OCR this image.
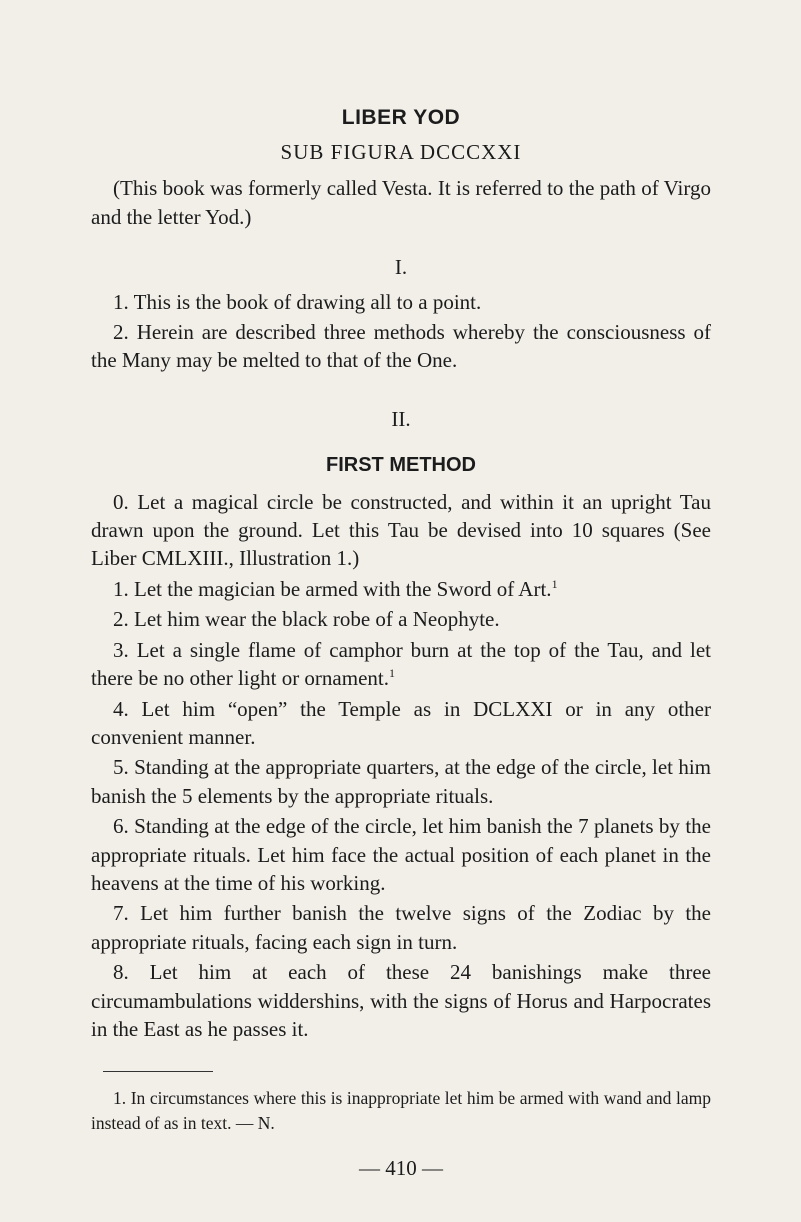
LIBER YOD

SUB FIGURA DCCCXXI

(This book was formerly called Vesta. It is referred to the path of Virgo and the letter Yod.)

I.

1. This is the book of drawing all to a point.

2. Herein are described three methods whereby the consciousness of the Many may be melted to that of the One.

II.

FIRST METHOD

0. Let a magical circle be constructed, and within it an upright Tau drawn upon the ground. Let this Tau be devised into 10 squares (See Liber CMLXIII., Illustration 1.)

1. Let the magician be armed with the Sword of Art.$^1$

2. Let him wear the black robe of a Neophyte.

3. Let a single flame of camphor burn at the top of the Tau, and let there be no other light or ornament.$^1$

4. Let him “open” the Temple as in DCLXXI or in any other convenient manner.

5. Standing at the appropriate quarters, at the edge of the circle, let him banish the 5 elements by the appropriate rituals.

6. Standing at the edge of the circle, let him banish the 7 planets by the appropriate rituals. Let him face the actual position of each planet in the heavens at the time of his working.

7. Let him further banish the twelve signs of the Zodiac by the appropriate rituals, facing each sign in turn.

8. Let him at each of these 24 banishings make three circumambulations widdershins, with the signs of Horus and Harpocrates in the East as he passes it.

1. In circumstances where this is inappropriate let him be armed with wand and lamp instead of as in text. — N.

— 410 —
